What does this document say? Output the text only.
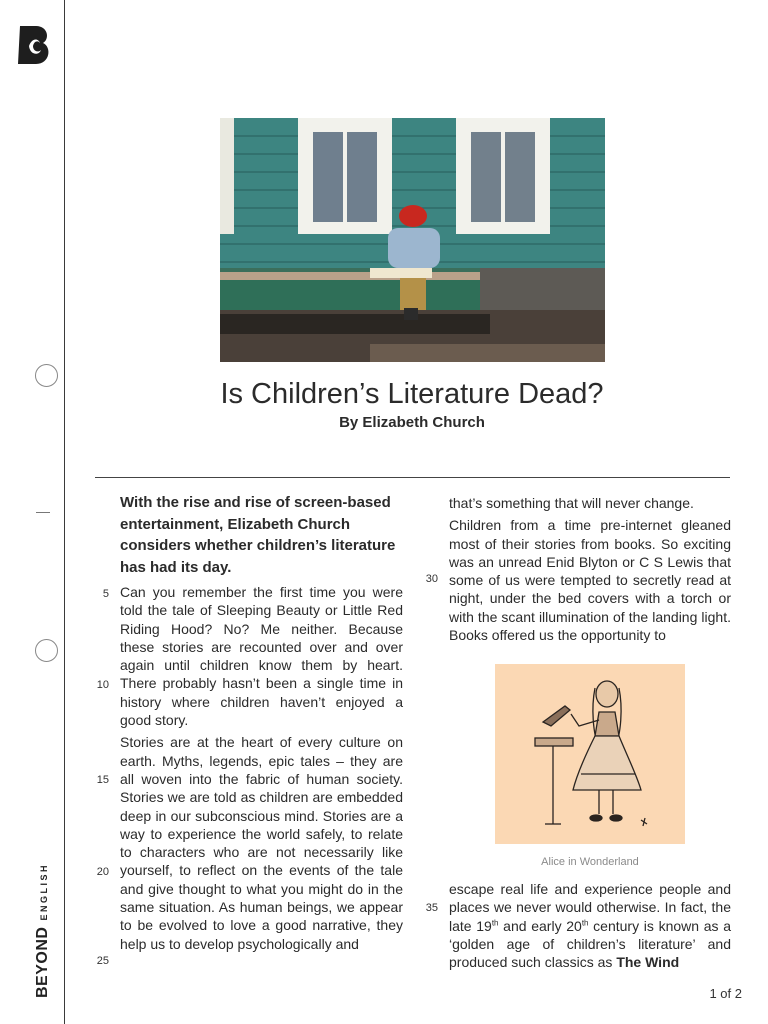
BEYONDENGLISH
Is Children’s Literature Dead?
By Elizabeth Church

With the rise and rise of screen-based entertainment, Elizabeth Church considers whether children’s literature has had its day.

Can you remember the first time you were told the tale of Sleeping Beauty or Little Red Riding Hood? No? Me neither. Because these stories are recounted over and over again until children know them by heart. There probably hasn’t been a single time in history where children haven’t enjoyed a good story.

Stories are at the heart of every culture on earth. Myths, legends, epic tales – they are all woven into the fabric of human society. Stories we are told as children are embedded deep in our subconscious mind. Stories are a way to experience the world safely, to relate to characters who are not necessarily like yourself, to reflect on the events of the tale and give thought to what you might do in the same situation. As human beings, we appear to be evolved to love a good narrative, they help us to develop psychologically and

5
10
15
20
25
30
35

that’s something that will never change.

Children from a time pre-internet gleaned most of their stories from books. So exciting was an unread Enid Blyton or C S Lewis that some of us were tempted to secretly read at night, under the bed covers with a torch or with the scant illumination of the landing light. Books offered us the opportunity to

Alice in Wonderland

escape real life and experience people and places we never would otherwise. In fact, the late 19th and early 20th century is known as a ‘golden age of children’s literature’ and produced such classics as The Wind

1 of 2
